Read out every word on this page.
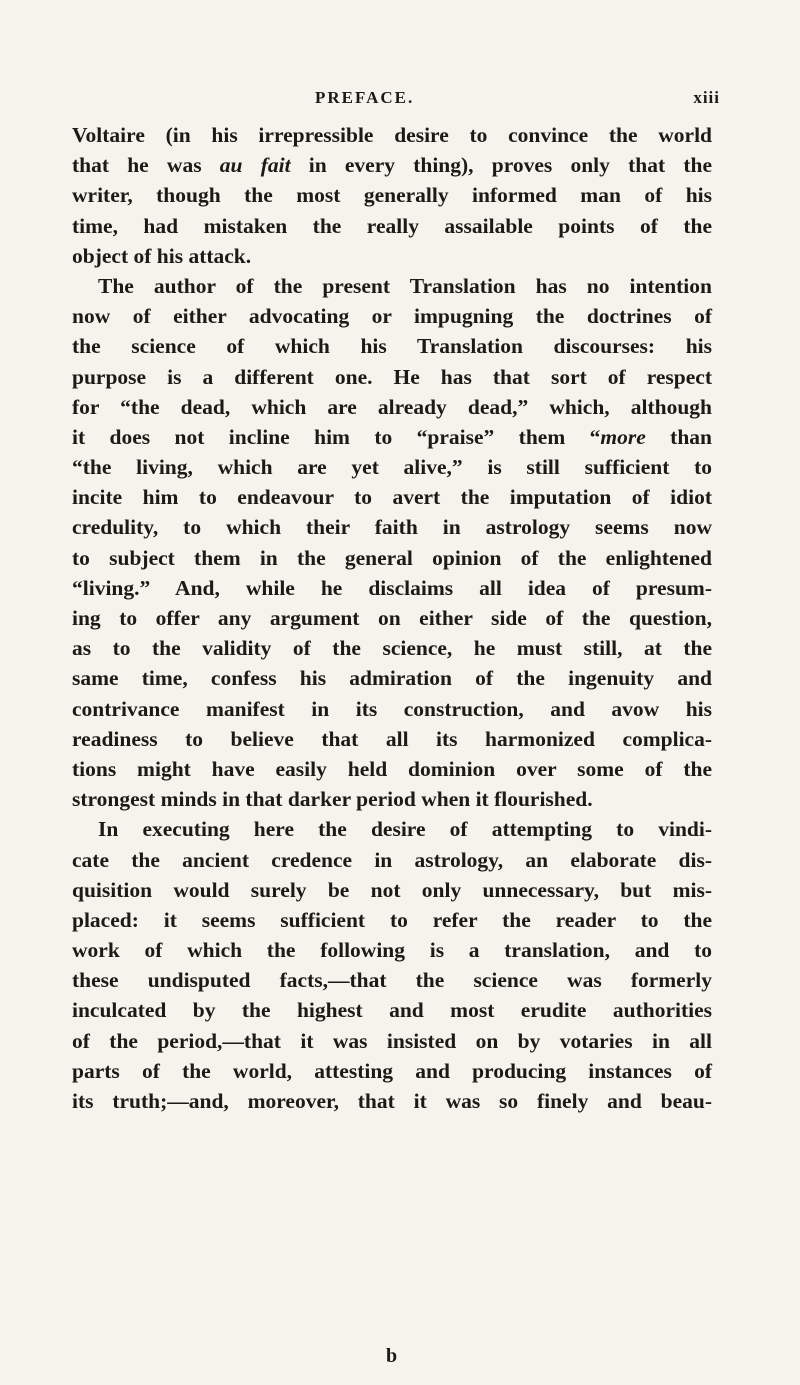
PREFACE.	xiii
Voltaire (in his irrepressible desire to convince the world
that he was au fait in every thing), proves only that the
writer, though the most generally informed man of his
time, had mistaken the really assailable points of the
object of his attack.
The author of the present Translation has no intention
now of either advocating or impugning the doctrines of
the science of which his Translation discourses: his
purpose is a different one. He has that sort of respect
for “the dead, which are already dead,” which, although
it does not incline him to “praise” them “more than
“the living, which are yet alive,” is still sufficient to
incite him to endeavour to avert the imputation of idiot
credulity, to which their faith in astrology seems now
to subject them in the general opinion of the enlightened
“living.” And, while he disclaims all idea of presum-
ing to offer any argument on either side of the question,
as to the validity of the science, he must still, at the
same time, confess his admiration of the ingenuity and
contrivance manifest in its construction, and avow his
readiness to believe that all its harmonized complica-
tions might have easily held dominion over some of the
strongest minds in that darker period when it flourished.
In executing here the desire of attempting to vindi-
cate the ancient credence in astrology, an elaborate dis-
quisition would surely be not only unnecessary, but mis-
placed: it seems sufficient to refer the reader to the
work of which the following is a translation, and to
these undisputed facts,—that the science was formerly
inculcated by the highest and most erudite authorities
of the period,—that it was insisted on by votaries in all
parts of the world, attesting and producing instances of
its truth;—and, moreover, that it was so finely and beau-
b
